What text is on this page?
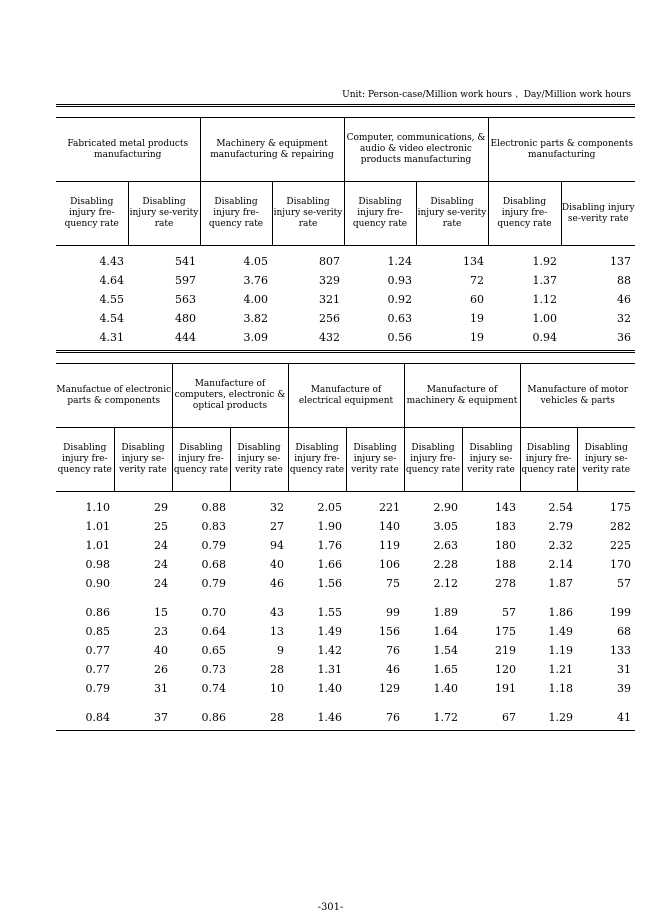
Unit: Person-case/Million work hours 、Day/Million work hours

Fabricated metal products manufacturing		Machinery & equipment manufacturing & repairing		Computer, communications, & audio & video electronic products manufacturing		Electronic parts & components manufacturing	
Disabling injury fre-quency rate	Disabling injury se-verity rate	Disabling injury fre-quency rate	Disabling injury se-verity rate	Disabling injury fre-quency rate	Disabling injury se-verity rate	Disabling injury fre-quency rate	Disabling injury se-verity rate

4.43	541	4.05	807	1.24	134	1.92	137
4.64	597	3.76	329	0.93	72	1.37	88
4.55	563	4.00	321	0.92	60	1.12	46
4.54	480	3.82	256	0.63	19	1.00	32
4.31	444	3.09	432	0.56	19	0.94	36

Manufactue of electronic parts & components		Manufacture of computers, electronic & optical products		Manufacture of electrical equipment		Manufacture of machinery & equipment		Manufacture of motor vehicles & parts	
Disabling injury fre-quency rate	Disabling injury se-verity rate	Disabling injury fre-quency rate	Disabling injury se-verity rate	Disabling injury fre-quency rate	Disabling injury se-verity rate	Disabling injury fre-quency rate	Disabling injury se-verity rate	Disabling injury fre-quency rate	Disabling injury se-verity rate

1.10	29	0.88	32	2.05	221	2.90	143	2.54	175
1.01	25	0.83	27	1.90	140	3.05	183	2.79	282
1.01	24	0.79	94	1.76	119	2.63	180	2.32	225
0.98	24	0.68	40	1.66	106	2.28	188	2.14	170
0.90	24	0.79	46	1.56	75	2.12	278	1.87	57

0.86	15	0.70	43	1.55	99	1.89	57	1.86	199
0.85	23	0.64	13	1.49	156	1.64	175	1.49	68
0.77	40	0.65	9	1.42	76	1.54	219	1.19	133
0.77	26	0.73	28	1.31	46	1.65	120	1.21	31
0.79	31	0.74	10	1.40	129	1.40	191	1.18	39

0.84	37	0.86	28	1.46	76	1.72	67	1.29	41

-301-
